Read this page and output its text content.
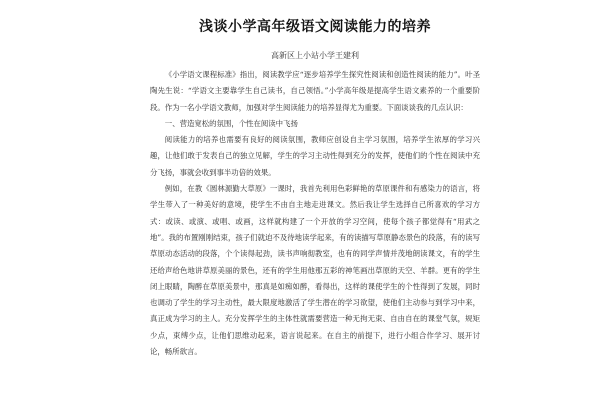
浅谈小学高年级语文阅读能力的培养
高新区上小站小学王建利

《小学语文课程标准》指出，阅读教学应“逐步培养学生探究性阅读和创造性阅读的能力”。叶圣陶先生说：“学语文主要靠学生自己读书，自己领悟。”小学高年级是提高学生语文素养的一个重要阶段。作为一名小学语文教师，加强对学生阅读能力的培养显得尤为重要。下面谈谈我的几点认识：

一、营造宽松的氛围，个性在阅读中飞扬

阅读能力的培养也需要有良好的阅读氛围，教师应创设自主学习氛围，培养学生浓厚的学习兴趣，让他们敢于发表自己的独立见解，学生的学习主动性得到充分的发挥，使他们的个性在阅读中充分飞扬，事就会收到事半功倍的效果。

例如，在教《圆林源勤大草原》一课时，我首先利用色彩鲜艳的草原课件和有感染力的语言，将学生带入了一种美好的意境，使学生不由自主地走进课文。然后我让学生选择自己所喜欢的学习方式：或读、或演、或唱、或画，这样就构建了一个开放的学习空间，使每个孩子都觉得有“用武之地”。我的布置刚刚结束，孩子们就迫不及待地读学起来，有的读描写草原静态景色的段落，有的读写草原动态活动的段落，个个读得起劲，读书声响彻教室，也有的同学声情并茂地朗读课文，有的学生还给声给色地讲草原美丽的景色，还有的学生用他那五彩的神笔画出草原的天空、羊群。更有的学生闭上眼睛，陶醉在草原美景中，那真是如痴如醉，看得出，这样的课使学生的个性得到了发展，同时也调动了学生的学习主动性，最大限度地激活了学生潜在的学习欲望，使他们主动参与到学习中来，真正成为学习的主人。充分发挥学生的主体性就需要营造一种无拘无束、自由自在的课堂气氛，规矩少点，束缚少点，让他们思维动起来，语言说起来。在自主的前提下，进行小组合作学习、展开讨论，畅所欲言。
